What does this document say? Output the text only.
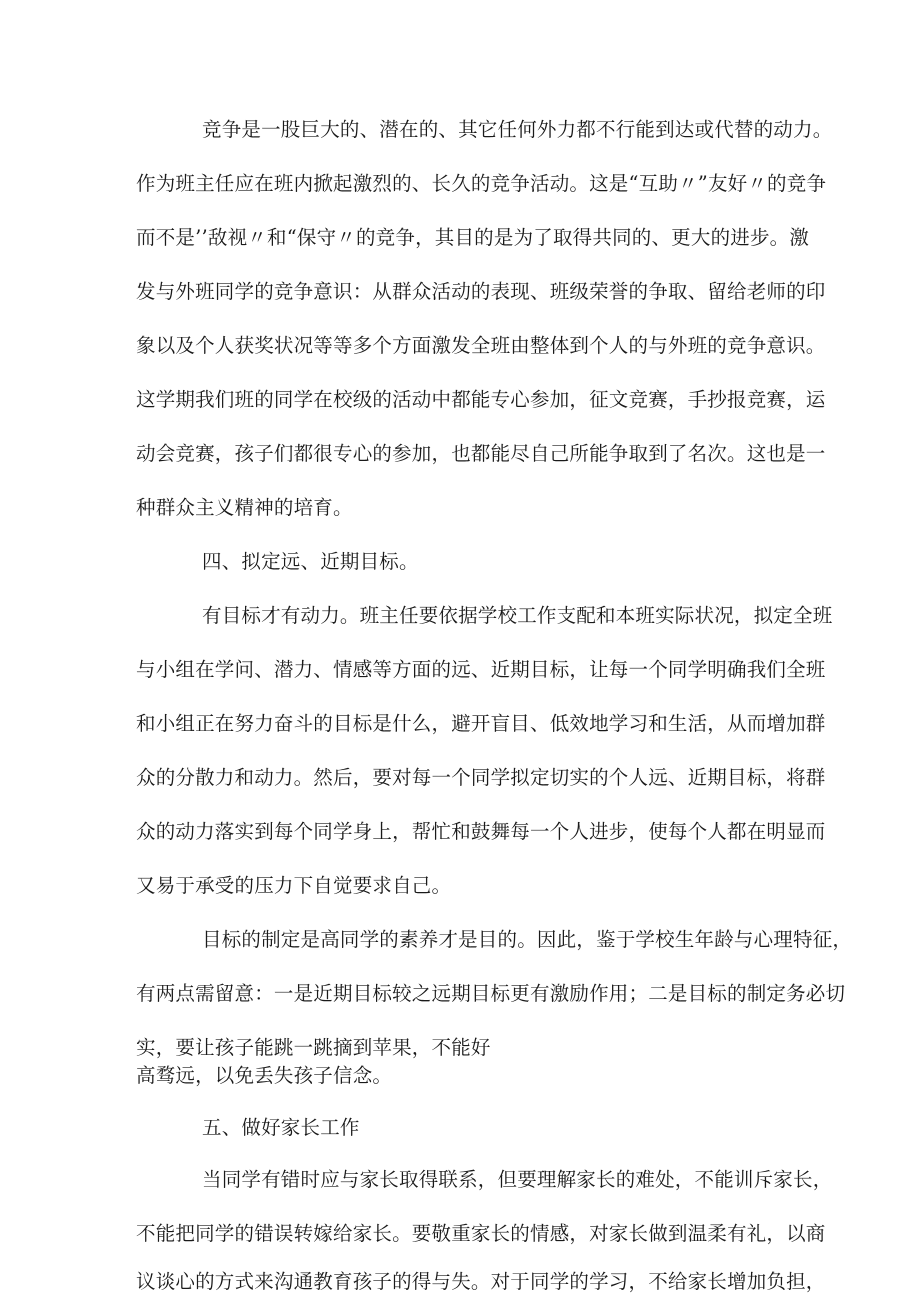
竞争是一股巨大的、潜在的、其它任何外力都不行能到达或代替的动力。
作为班主任应在班内掀起激烈的、长久的竞争活动。这是“互助〃”友好〃的竞争
而不是’’敌视〃和“保守〃的竞争，其目的是为了取得共同的、更大的进步。激
发与外班同学的竞争意识：从群众活动的表现、班级荣誉的争取、留给老师的印
象以及个人获奖状况等等多个方面激发全班由整体到个人的与外班的竞争意识。
这学期我们班的同学在校级的活动中都能专心参加，征文竞赛，手抄报竞赛，运
动会竞赛，孩子们都很专心的参加，也都能尽自己所能争取到了名次。这也是一
种群众主义精神的培育。
四、拟定远、近期目标。
有目标才有动力。班主任要依据学校工作支配和本班实际状况，拟定全班
与小组在学问、潜力、情感等方面的远、近期目标，让每一个同学明确我们全班
和小组正在努力奋斗的目标是什么，避开盲目、低效地学习和生活，从而增加群
众的分散力和动力。然后，要对每一个同学拟定切实的个人远、近期目标，将群
众的动力落实到每个同学身上，帮忙和鼓舞每一个人进步，使每个人都在明显而
又易于承受的压力下自觉要求自己。
目标的制定是高同学的素养才是目的。因此，鉴于学校生年龄与心理特征，
有两点需留意：一是近期目标较之远期目标更有激励作用；二是目标的制定务必切
实，要让孩子能跳一跳摘到苹果，不能好
高骛远，以免丢失孩子信念。
五、做好家长工作
当同学有错时应与家长取得联系，但要理解家长的难处，不能训斥家长，
不能把同学的错误转嫁给家长。要敬重家长的情感，对家长做到温柔有礼，以商
议谈心的方式来沟通教育孩子的得与失。对于同学的学习，不给家长增加负担，
